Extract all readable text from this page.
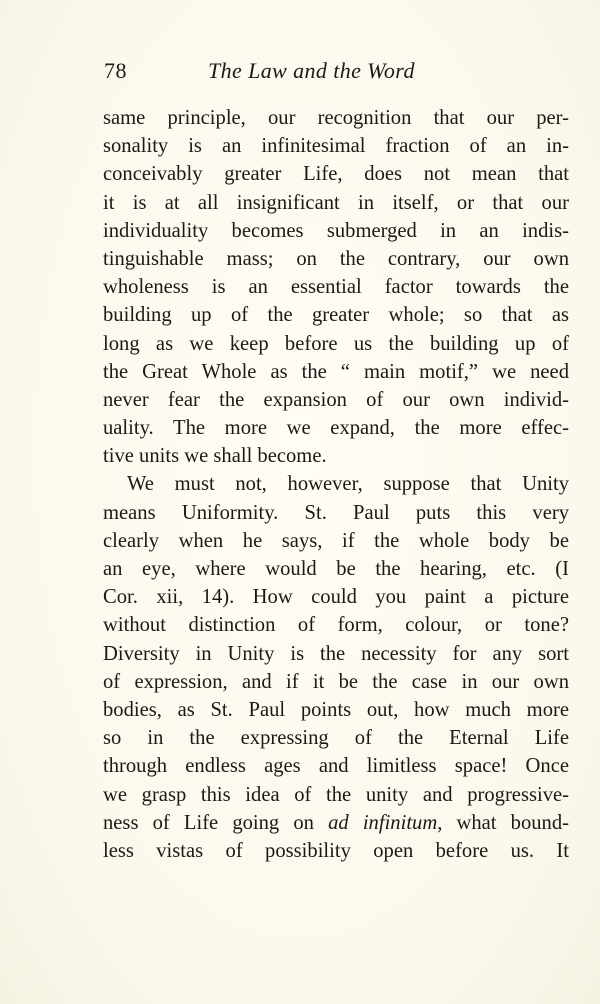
78	The Law and the Word
same principle, our recognition that our per-
sonality is an infinitesimal fraction of an in-
conceivably greater Life, does not mean that
it is at all insignificant in itself, or that our
individuality becomes submerged in an indis-
tinguishable mass; on the contrary, our own
wholeness is an essential factor towards the
building up of the greater whole; so that as
long as we keep before us the building up of
the Great Whole as the “ main motif,” we need
never fear the expansion of our own individ-
uality. The more we expand, the more effec-
tive units we shall become.
We must not, however, suppose that Unity
means Uniformity. St. Paul puts this very
clearly when he says, if the whole body be
an eye, where would be the hearing, etc. (I
Cor. xii, 14). How could you paint a picture
without distinction of form, colour, or tone?
Diversity in Unity is the necessity for any sort
of expression, and if it be the case in our own
bodies, as St. Paul points out, how much more
so in the expressing of the Eternal Life
through endless ages and limitless space! Once
we grasp this idea of the unity and progressive-
ness of Life going on ad infinitum, what bound-
less vistas of possibility open before us. It
